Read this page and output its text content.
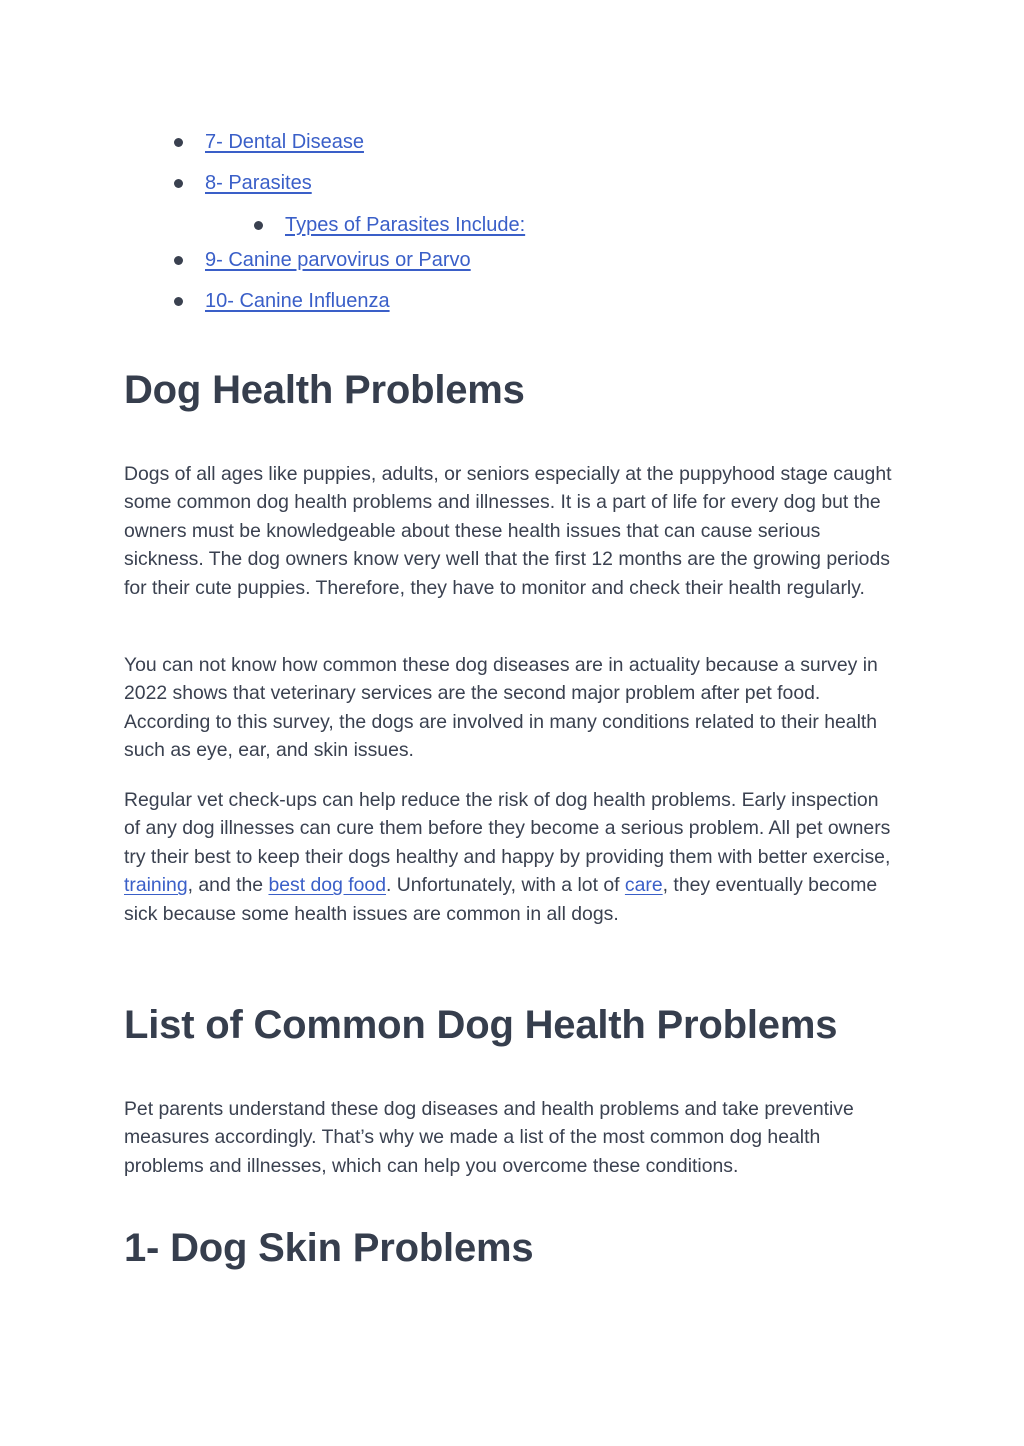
7- Dental Disease
8- Parasites
Types of Parasites Include:
9- Canine parvovirus or Parvo
10- Canine Influenza
Dog Health Problems

Dogs of all ages like puppies, adults, or seniors especially at the puppyhood stage caught some common dog health problems and illnesses. It is a part of life for every dog but the owners must be knowledgeable about these health issues that can cause serious sickness. The dog owners know very well that the first 12 months are the growing periods for their cute puppies. Therefore, they have to monitor and check their health regularly.

You can not know how common these dog diseases are in actuality because a survey in 2022 shows that veterinary services are the second major problem after pet food. According to this survey, the dogs are involved in many conditions related to their health such as eye, ear, and skin issues.

Regular vet check-ups can help reduce the risk of dog health problems. Early inspection of any dog illnesses can cure them before they become a serious problem. All pet owners try their best to keep their dogs healthy and happy by providing them with better exercise, training, and the best dog food. Unfortunately, with a lot of care, they eventually become sick because some health issues are common in all dogs.

List of Common Dog Health Problems

Pet parents understand these dog diseases and health problems and take preventive measures accordingly. That’s why we made a list of the most common dog health problems and illnesses, which can help you overcome these conditions.

1- Dog Skin Problems
